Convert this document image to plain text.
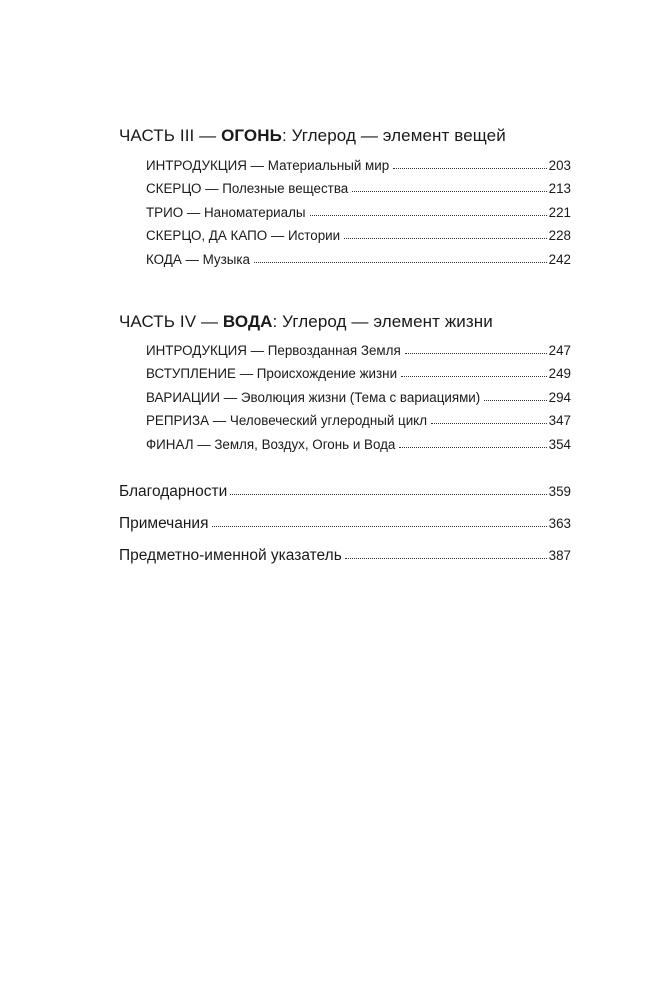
ЧАСТЬ III — ОГОНЬ: Углерод — элемент вещей
ИНТРОДУКЦИЯ — Материальный мир	203
СКЕРЦО — Полезные вещества	213
ТРИО — Наноматериалы	221
СКЕРЦО, ДА КАПО — Истории	228
КОДА — Музыка	242
ЧАСТЬ IV — ВОДА: Углерод — элемент жизни
ИНТРОДУКЦИЯ — Первозданная Земля	247
ВСТУПЛЕНИЕ — Происхождение жизни	249
ВАРИАЦИИ — Эволюция жизни (Тема с вариациями)	294
РЕПРИЗА — Человеческий углеродный цикл	347
ФИНАЛ — Земля, Воздух, Огонь и Вода	354
Благодарности	359
Примечания	363
Предметно-именной указатель	387
